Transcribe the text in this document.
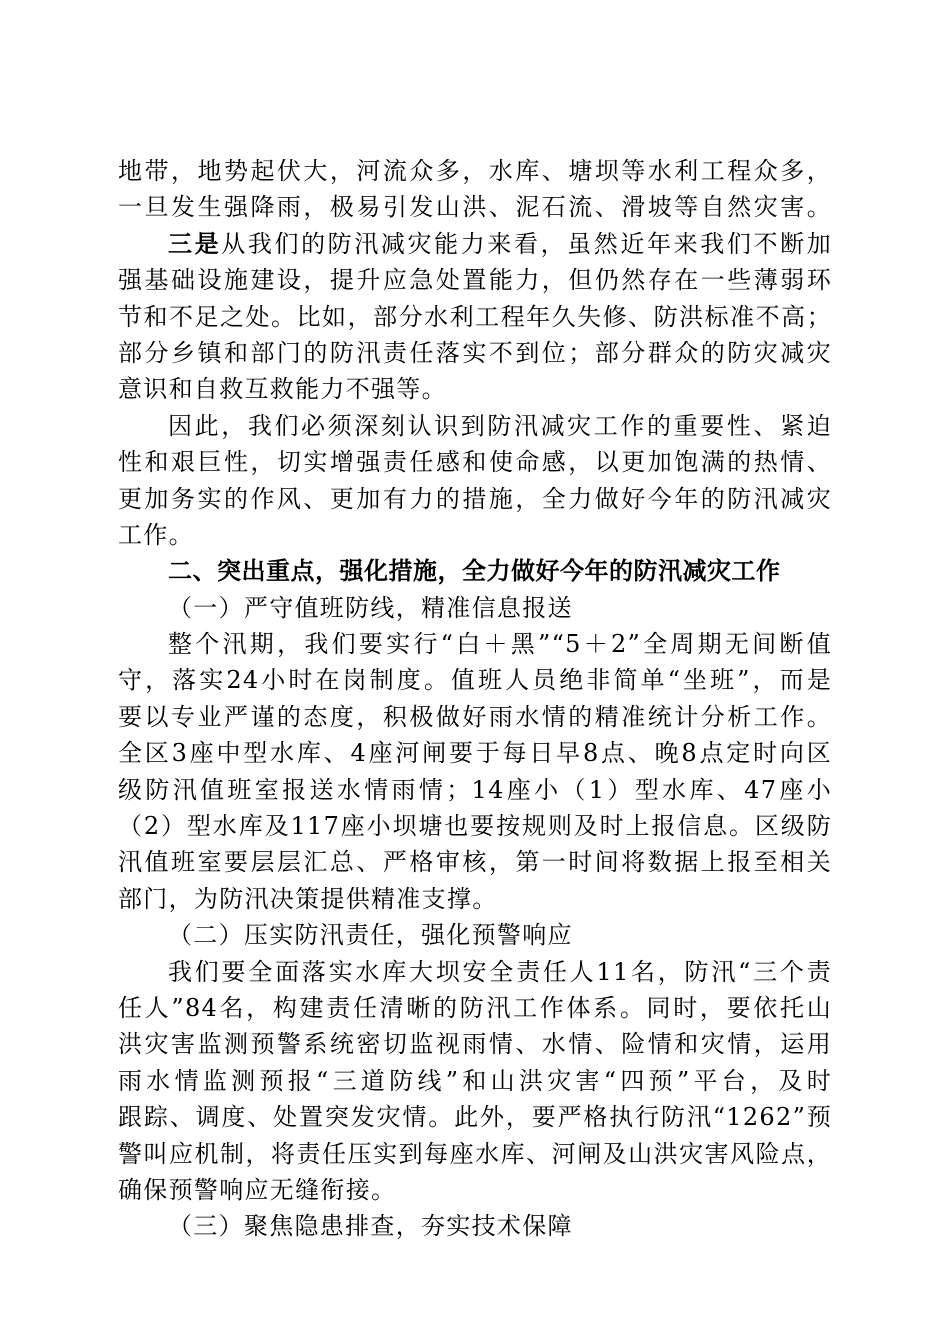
地带，地势起伏大，河流众多，水库、塘坝等水利工程众多，
一旦发生强降雨，极易引发山洪、泥石流、滑坡等自然灾害。
三是从我们的防汛减灾能力来看，虽然近年来我们不断加
强基础设施建设，提升应急处置能力，但仍然存在一些薄弱环
节和不足之处。比如，部分水利工程年久失修、防洪标准不高；
部分乡镇和部门的防汛责任落实不到位；部分群众的防灾减灾
意识和自救互救能力不强等。
因此，我们必须深刻认识到防汛减灾工作的重要性、紧迫
性和艰巨性，切实增强责任感和使命感，以更加饱满的热情、
更加务实的作风、更加有力的措施，全力做好今年的防汛减灾
工作。
二、突出重点，强化措施，全力做好今年的防汛减灾工作
（一）严守值班防线，精准信息报送
整个汛期，我们要实行“白＋黑”“5＋2”全周期无间断值
守，落实24小时在岗制度。值班人员绝非简单“坐班”，而是
要以专业严谨的态度，积极做好雨水情的精准统计分析工作。
全区3座中型水库、4座河闸要于每日早8点、晚8点定时向区
级防汛值班室报送水情雨情；14座小（1）型水库、47座小
（2）型水库及117座小坝塘也要按规则及时上报信息。区级防
汛值班室要层层汇总、严格审核，第一时间将数据上报至相关
部门，为防汛决策提供精准支撑。
（二）压实防汛责任，强化预警响应
我们要全面落实水库大坝安全责任人11名，防汛“三个责
任人”84名，构建责任清晰的防汛工作体系。同时，要依托山
洪灾害监测预警系统密切监视雨情、水情、险情和灾情，运用
雨水情监测预报“三道防线”和山洪灾害“四预”平台，及时
跟踪、调度、处置突发灾情。此外，要严格执行防汛“1262”预
警叫应机制，将责任压实到每座水库、河闸及山洪灾害风险点，
确保预警响应无缝衔接。
（三）聚焦隐患排查，夯实技术保障
